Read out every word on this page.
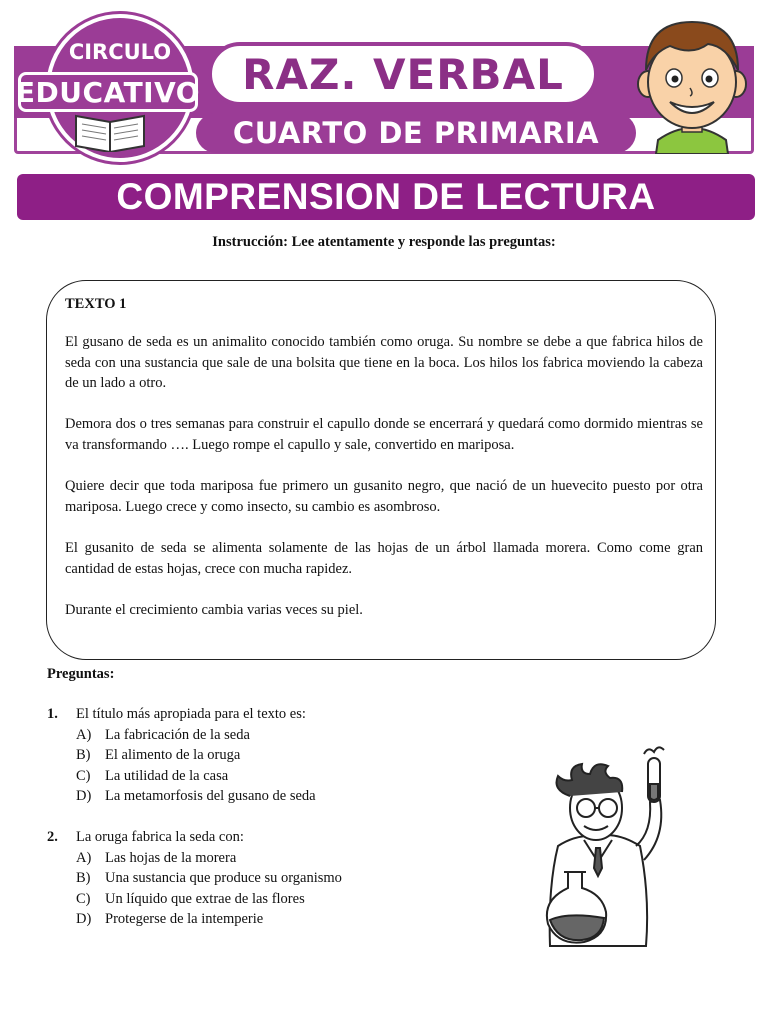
RAZ. VERBAL
CUARTO DE PRIMARIA
CIRCULO
EDUCATIVO
COMPRENSION DE LECTURA
Instrucción: Lee atentamente y responde las preguntas:
TEXTO 1

El gusano de seda es un animalito conocido también como oruga. Su nombre se debe a que fabrica hilos de seda con una sustancia que sale de una bolsita que tiene en la boca. Los hilos los fabrica moviendo la cabeza de un lado a otro.

Demora dos o tres semanas para construir el capullo donde se encerrará y quedará como dormido mientras se va transformando …. Luego rompe el capullo y sale, convertido en mariposa.

Quiere decir que toda mariposa fue primero un gusanito negro, que nació de un huevecito puesto por otra mariposa. Luego crece y como insecto, su cambio es asombroso.

El gusanito de seda se alimenta solamente de las hojas de un árbol llamada morera. Como come gran cantidad de estas hojas, crece con mucha rapidez.

Durante el crecimiento cambia varias veces su piel.

Preguntas:
1.	El título más apropiada para el texto es:
A) La fabricación de la seda
B)	El alimento de la oruga
C)	La utilidad de la casa
D) La metamorfosis del gusano de seda
2.	La oruga fabrica la seda con:
A) Las hojas de la morera
B)	Una sustancia que produce su organismo
C)	Un líquido que extrae de las flores
D) Protegerse de la intemperie
